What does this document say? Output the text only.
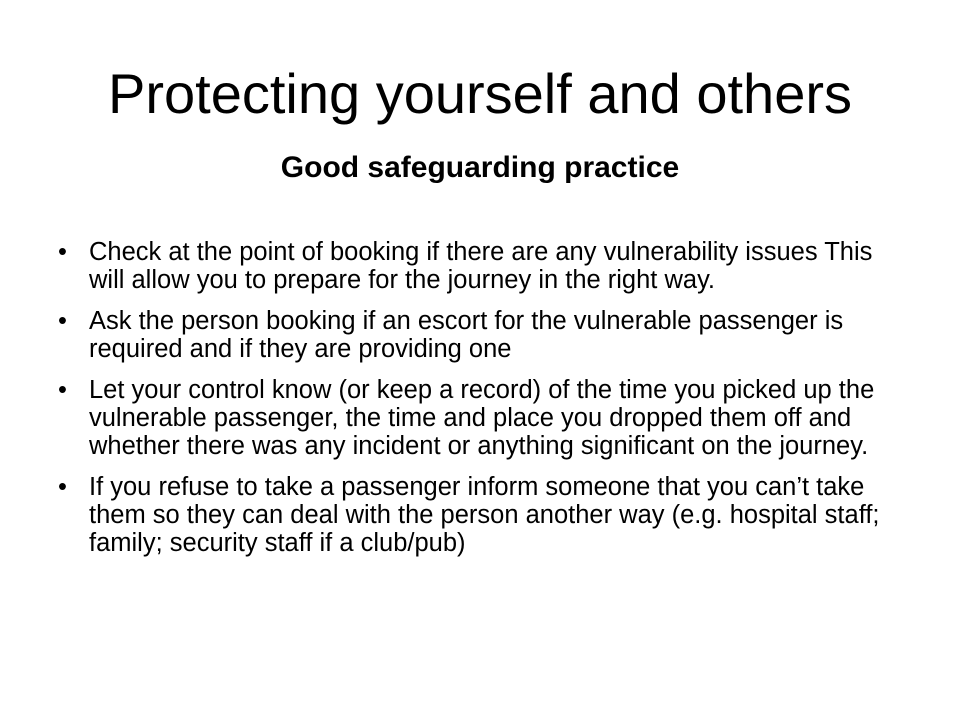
Protecting yourself and others
Good safeguarding practice
• Check at the point of booking if there are any vulnerability issues This will allow you to prepare for the journey in the right way.
• Ask the person booking if an escort for the vulnerable passenger is required and if they are providing one
• Let your control know (or keep a record) of the time you picked up the vulnerable passenger, the time and place you dropped them off and whether there was any incident or anything significant on the journey.
• If you refuse to take a passenger inform someone that you can’t take them so they can deal with the person another way (e.g. hospital staff; family; security staff if a club/pub)
